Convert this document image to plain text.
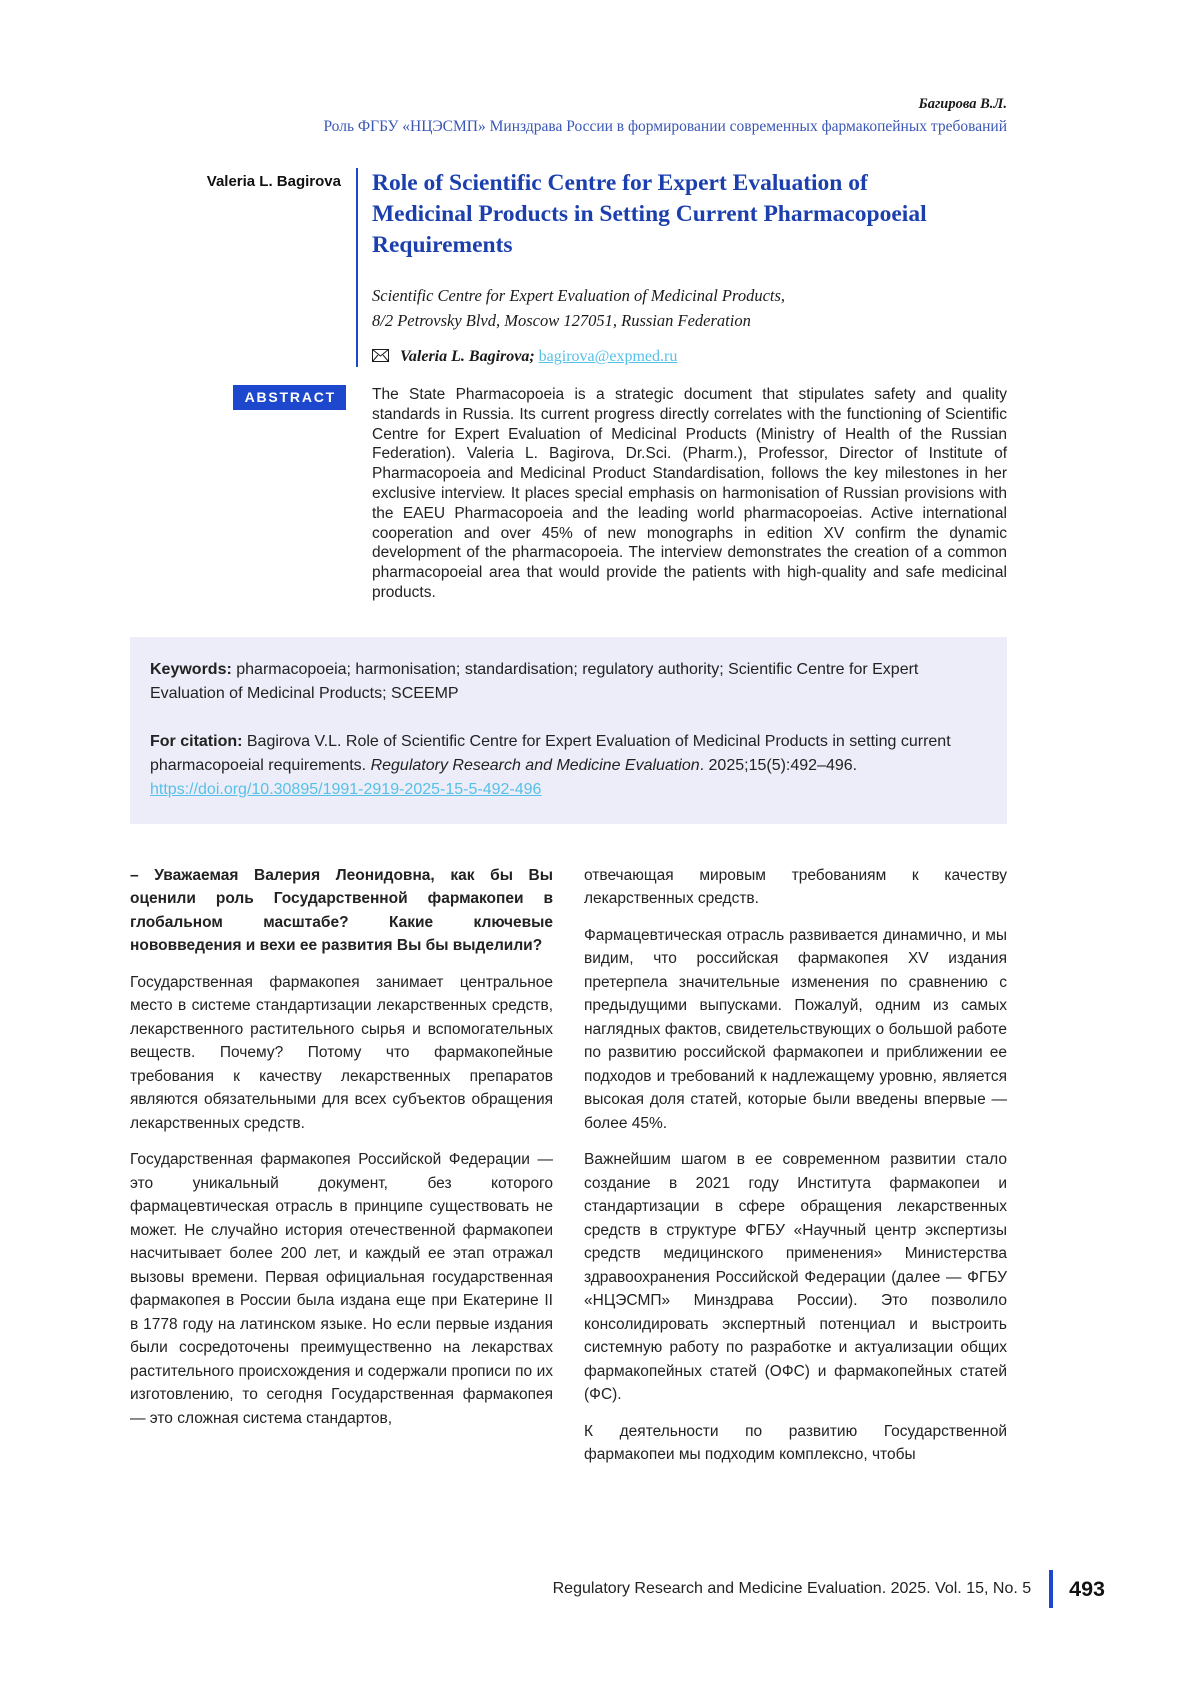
Багирова В.Л.
Роль ФГБУ «НЦЭСМП» Минздрава России в формировании современных фармакопейных требований
Valeria L. Bagirova	Role of Scientific Centre for Expert Evaluation of Medicinal Products in Setting Current Pharmacopoeial Requirements
Scientific Centre for Expert Evaluation of Medicinal Products,
8/2 Petrovsky Blvd, Moscow 127051, Russian Federation
Valeria L. Bagirova; bagirova@expmed.ru
ABSTRACT	The State Pharmacopoeia is a strategic document that stipulates safety and quality standards in Russia. Its current progress directly correlates with the functioning of Scientific Centre for Expert Evaluation of Medicinal Products (Ministry of Health of the Russian Federation). Valeria L. Bagirova, Dr.Sci. (Pharm.), Professor, Director of Institute of Pharmacopoeia and Medicinal Product Standardisation, follows the key milestones in her exclusive interview. It places special emphasis on harmonisation of Russian provisions with the EAEU Pharmacopoeia and the leading world pharmacopoeias. Active international cooperation and over 45% of new monographs in edition XV confirm the dynamic development of the pharmacopoeia. The interview demonstrates the creation of a common pharmacopoeial area that would provide the patients with high-quality and safe medicinal products.
Keywords: pharmacopoeia; harmonisation; standardisation; regulatory authority; Scientific Centre for Expert Evaluation of Medicinal Products; SCEEMP
For citation: Bagirova V.L. Role of Scientific Centre for Expert Evaluation of Medicinal Products in setting current pharmacopoeial requirements. Regulatory Research and Medicine Evaluation. 2025;15(5):492–496.
https://doi.org/10.30895/1991-2919-2025-15-5-492-496
– Уважаемая Валерия Леонидовна, как бы Вы оценили роль Государственной фармакопеи в глобальном масштабе? Какие ключевые нововведения и вехи ее развития Вы бы выделили?
Государственная фармакопея занимает центральное место в системе стандартизации лекарственных средств, лекарственного растительного сырья и вспомогательных веществ. Почему? Потому что фармакопейные требования к качеству лекарственных препаратов являются обязательными для всех субъектов обращения лекарственных средств.
Государственная фармакопея Российской Федерации — это уникальный документ, без которого фармацевтическая отрасль в принципе существовать не может. Не случайно история отечественной фармакопеи насчитывает более 200 лет, и каждый ее этап отражал вызовы времени. Первая официальная государственная фармакопея в России была издана еще при Екатерине II в 1778 году на латинском языке. Но если первые издания были сосредоточены преимущественно на лекарствах растительного происхождения и содержали прописи по их изготовлению, то сегодня Государственная фармакопея — это сложная система стандартов,
отвечающая мировым требованиям к качеству лекарственных средств.
Фармацевтическая отрасль развивается динамично, и мы видим, что российская фармакопея XV издания претерпела значительные изменения по сравнению с предыдущими выпусками. Пожалуй, одним из самых наглядных фактов, свидетельствующих о большой работе по развитию российской фармакопеи и приближении ее подходов и требований к надлежащему уровню, является высокая доля статей, которые были введены впервые — более 45%.
Важнейшим шагом в ее современном развитии стало создание в 2021 году Института фармакопеи и стандартизации в сфере обращения лекарственных средств в структуре ФГБУ «Научный центр экспертизы средств медицинского применения» Министерства здравоохранения Российской Федерации (далее — ФГБУ «НЦЭСМП» Минздрава России). Это позволило консолидировать экспертный потенциал и выстроить системную работу по разработке и актуализации общих фармакопейных статей (ОФС) и фармакопейных статей (ФС).
К деятельности по развитию Государственной фармакопеи мы подходим комплексно, чтобы
Regulatory Research and Medicine Evaluation. 2025. Vol. 15, No. 5 493
